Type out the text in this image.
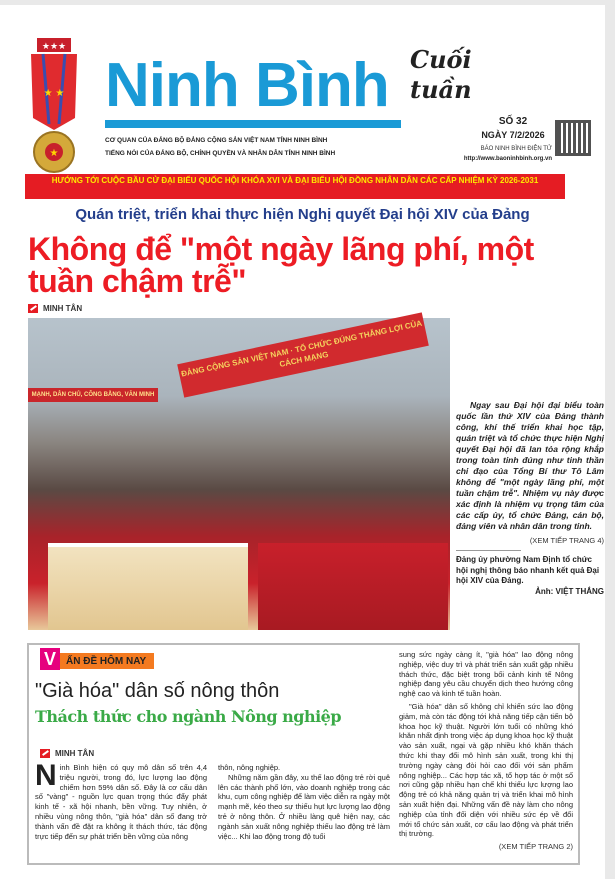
★★★
★ ★
★
Ninh Bình
CƠ QUAN CỦA ĐẢNG BỘ ĐẢNG CỘNG SẢN VIỆT NAM TỈNH NINH BÌNH
TIẾNG NÓI CỦA ĐẢNG BỘ, CHÍNH QUYỀN VÀ NHÂN DÂN TỈNH NINH BÌNH
Cuối tuần
SỐ 32
NGÀY 7/2/2026
BÁO NINH BÌNH ĐIỆN TỬ
http://www.baoninhbinh.org.vn
HƯỚNG TỚI CUỘC BẦU CỬ ĐẠI BIỂU QUỐC HỘI KHÓA XVI VÀ ĐẠI BIỂU HỘI ĐỒNG NHÂN DÂN CÁC CẤP NHIỆM KỲ 2026-2031
Quán triệt, triển khai thực hiện Nghị quyết Đại hội XIV của Đảng
Không để "một ngày lãng phí, một tuần chậm trễ"
MINH TÂN
ĐẢNG CỘNG SẢN VIỆT NAM · TỔ CHỨC ĐÚNG THẮNG LỢI CỦA CÁCH MẠNG
MẠNH, DÂN CHỦ, CÔNG BẰNG, VĂN MINH
Ngay sau Đại hội đại biểu toàn quốc lần thứ XIV của Đảng thành công, khí thế triển khai học tập, quán triệt và tổ chức thực hiện Nghị quyết Đại hội đã lan tỏa rộng khắp trong toàn tỉnh đúng như tinh thần chỉ đạo của Tổng Bí thư Tô Lâm không để "một ngày lãng phí, một tuần chậm trễ". Nhiệm vụ này được xác định là nhiệm vụ trọng tâm của các cấp ủy, tổ chức Đảng, cán bộ, đảng viên và nhân dân trong tỉnh.
(XEM TIẾP TRANG 4)
Đảng ủy phường Nam Định tổ chức hội nghị thông báo nhanh kết quả Đại hội XIV của Đảng.
Ảnh: VIỆT THẮNG
V	ẤN ĐỀ HÔM NAY
"Già hóa" dân số nông thôn
Thách thức cho ngành Nông nghiệp
MINH TÂN
Ninh Bình hiện có quy mô dân số trên 4,4 triệu người, trong đó, lực lượng lao động chiếm hơn 59% dân số. Đây là cơ cấu dân số "vàng" - nguồn lực quan trọng thúc đẩy phát kinh tế - xã hội nhanh, bền vững. Tuy nhiên, ở nhiều vùng nông thôn, "già hóa" dân số đang trở thành vấn đề đặt ra không ít thách thức, tác động trực tiếp đến sự phát triển bền vững của nông
thôn, nông nghiệp.
Những năm gần đây, xu thế lao động trẻ rời quê lên các thành phố lớn, vào doanh nghiệp trong các khu, cụm công nghiệp để làm việc diễn ra ngày một mạnh mẽ, kéo theo sự thiếu hụt lực lượng lao động trẻ ở nông thôn. Ở nhiều làng quê hiện nay, các ngành sản xuất nông nghiệp thiếu lao động trẻ làm việc... Khi lao động trong độ tuổi
sung sức ngày càng ít, "già hóa" lao động nông nghiệp, việc duy trì và phát triển sản xuất gặp nhiều thách thức, đặc biệt trong bối cảnh kinh tế Nông nghiệp đang yêu cầu chuyển dịch theo hướng công nghệ cao và kinh tế tuần hoàn.
"Già hóa" dân số không chỉ khiến sức lao động giảm, mà còn tác động tới khả năng tiếp cận tiến bộ khoa học kỹ thuật. Người lớn tuổi có những khó khăn nhất định trong việc áp dụng khoa học kỹ thuật vào sản xuất, ngại và gặp nhiều khó khăn thách thức khi thay đổi mô hình sản xuất, trong khi thị trường ngày càng đòi hỏi cao đối với sản phẩm nông nghiệp... Các hợp tác xã, tổ hợp tác ở một số nơi cũng gặp nhiều hạn chế khi thiếu lực lượng lao động trẻ có khả năng quản trị và triển khai mô hình sản xuất hiện đại. Những vấn đề này làm cho nông nghiệp của tỉnh đối diện với nhiều sức ép về đổi mới tổ chức sản xuất, cơ cấu lao động và phát triển thị trường.
(XEM TIẾP TRANG 2)
